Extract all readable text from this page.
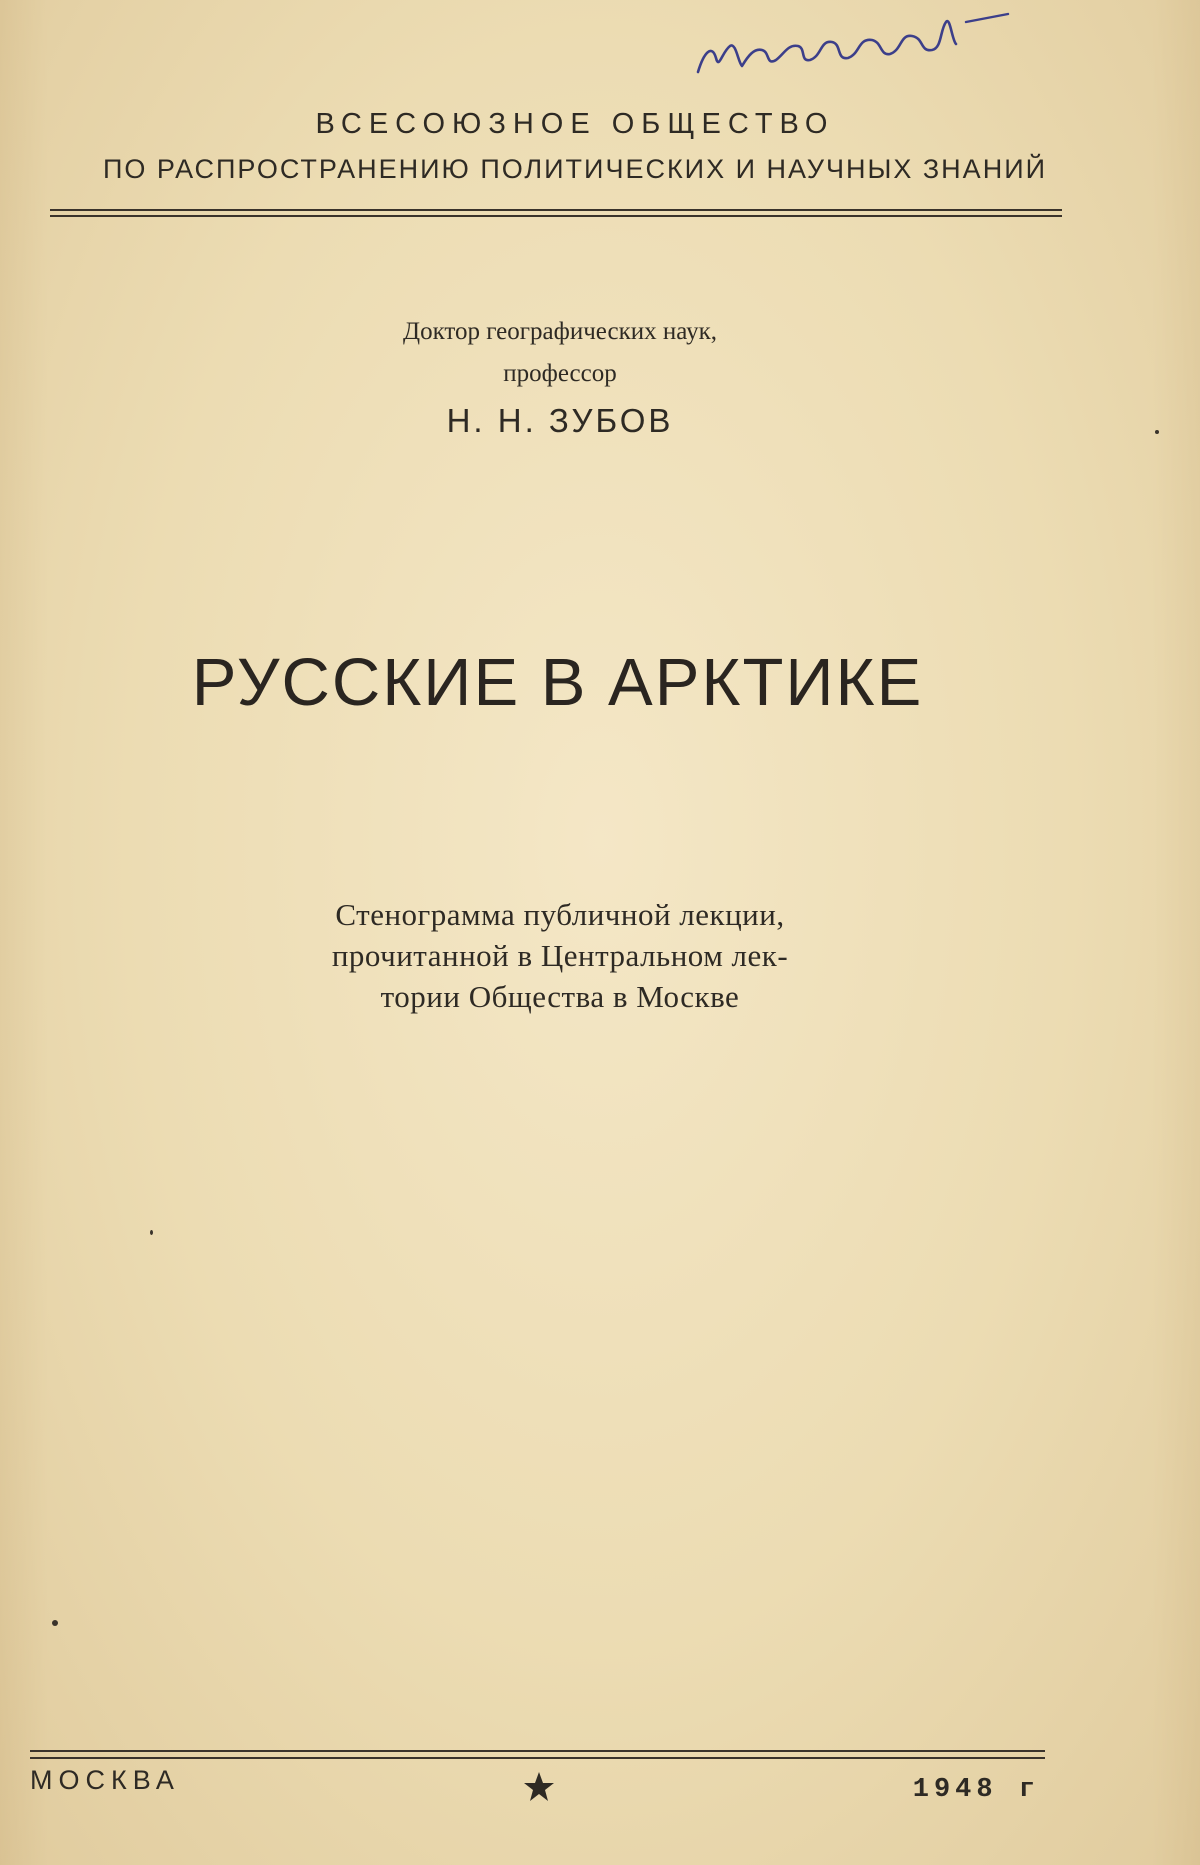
ВСЕСОЮЗНОЕ ОБЩЕСТВО
ПО РАСПРОСТРАНЕНИЮ ПОЛИТИЧЕСКИХ И НАУЧНЫХ ЗНАНИЙ
Доктор географических наук,
профессор
Н. Н. ЗУБОВ
РУССКИЕ В АРКТИКЕ
Стенограмма публичной лекции,
прочитанной в Центральном лек-
тории Общества в Москве
МОСКВА	1948 г
